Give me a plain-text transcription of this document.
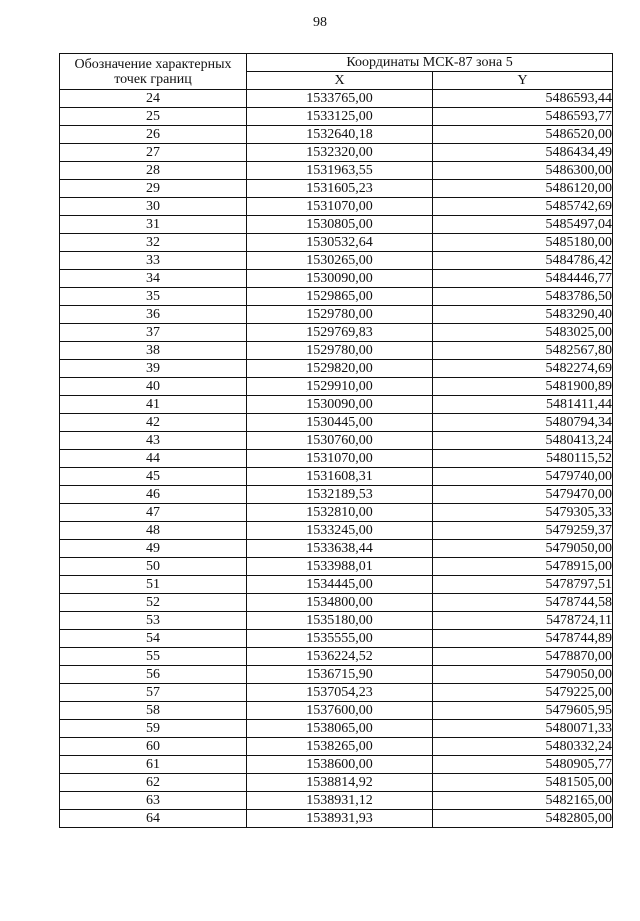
98
Обозначение характерных точек границ	Координаты МСК-87 зона 5	
	X	Y
24	1533765,00	5486593,44
25	1533125,00	5486593,77
26	1532640,18	5486520,00
27	1532320,00	5486434,49
28	1531963,55	5486300,00
29	1531605,23	5486120,00
30	1531070,00	5485742,69
31	1530805,00	5485497,04
32	1530532,64	5485180,00
33	1530265,00	5484786,42
34	1530090,00	5484446,77
35	1529865,00	5483786,50
36	1529780,00	5483290,40
37	1529769,83	5483025,00
38	1529780,00	5482567,80
39	1529820,00	5482274,69
40	1529910,00	5481900,89
41	1530090,00	5481411,44
42	1530445,00	5480794,34
43	1530760,00	5480413,24
44	1531070,00	5480115,52
45	1531608,31	5479740,00
46	1532189,53	5479470,00
47	1532810,00	5479305,33
48	1533245,00	5479259,37
49	1533638,44	5479050,00
50	1533988,01	5478915,00
51	1534445,00	5478797,51
52	1534800,00	5478744,58
53	1535180,00	5478724,11
54	1535555,00	5478744,89
55	1536224,52	5478870,00
56	1536715,90	5479050,00
57	1537054,23	5479225,00
58	1537600,00	5479605,95
59	1538065,00	5480071,33
60	1538265,00	5480332,24
61	1538600,00	5480905,77
62	1538814,92	5481505,00
63	1538931,12	5482165,00
64	1538931,93	5482805,00
